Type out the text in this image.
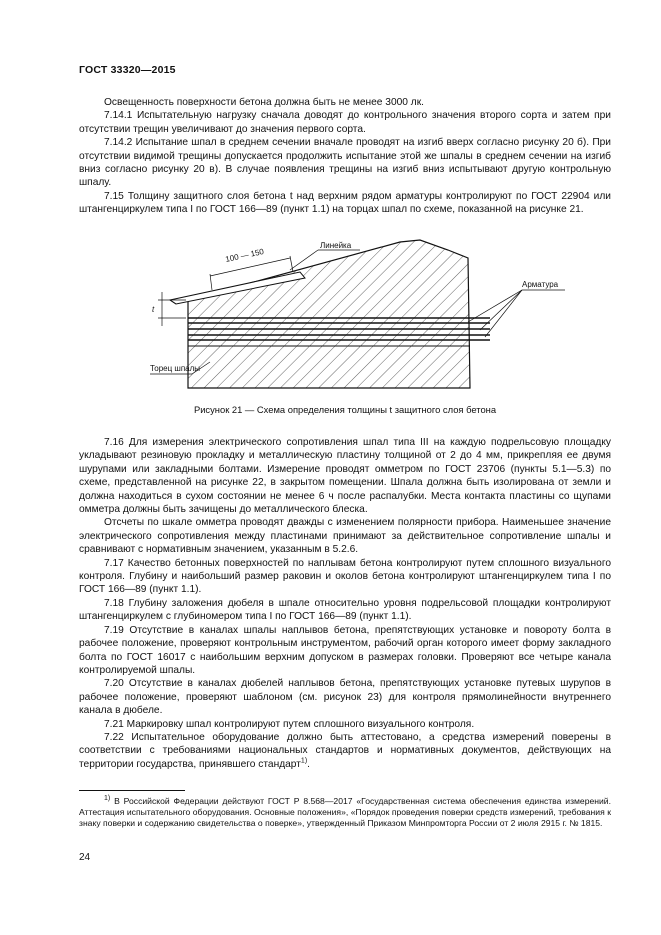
ГОСТ 33320—2015

Освещенность поверхности бетона должна быть не менее 3000 лк.

7.14.1 Испытательную нагрузку сначала доводят до контрольного значения второго сорта и затем при отсутствии трещин увеличивают до значения первого сорта.

7.14.2 Испытание шпал в среднем сечении вначале проводят на изгиб вверх согласно рисунку 20 б). При отсутствии видимой трещины допускается продолжить испытание этой же шпалы в среднем сечении на изгиб вниз согласно рисунку 20 в). В случае появления трещины на изгиб вниз испытывают другую контрольную шпалу.

7.15 Толщину защитного слоя бетона t над верхним рядом арматуры контролируют по ГОСТ 22904 или штангенциркулем типа I по ГОСТ 166—89 (пункт 1.1) на торцах шпал по схеме, показанной на рисунке 21.

100 — 150
Линейка
t
Арматура
Торец шпалы
Рисунок 21 — Схема определения толщины t защитного слоя бетона

7.16 Для измерения электрического сопротивления шпал типа III на каждую подрельсовую площадку укладывают резиновую прокладку и металлическую пластину толщиной от 2 до 4 мм, прикрепляя ее двумя шурупами или закладными болтами. Измерение проводят омметром по ГОСТ 23706 (пункты 5.1—5.3) по схеме, представленной на рисунке 22, в закрытом помещении. Шпала должна быть изолирована от земли и должна находиться в сухом состоянии не менее 6 ч после распалубки. Места контакта пластины со щупами омметра должны быть зачищены до металлического блеска.

Отсчеты по шкале омметра проводят дважды с изменением полярности прибора. Наименьшее значение электрического сопротивления между пластинами принимают за действительное сопротивление шпалы и сравнивают с нормативным значением, указанным в 5.2.6.

7.17 Качество бетонных поверхностей по наплывам бетона контролируют путем сплошного визуального контроля. Глубину и наибольший размер раковин и околов бетона контролируют штангенциркулем типа I по ГОСТ 166—89 (пункт 1.1).

7.18 Глубину заложения дюбеля в шпале относительно уровня подрельсовой площадки контролируют штангенциркулем с глубиномером типа I по ГОСТ 166—89 (пункт 1.1).

7.19 Отсутствие в каналах шпалы наплывов бетона, препятствующих установке и повороту болта в рабочее положение, проверяют контрольным инструментом, рабочий орган которого имеет форму закладного болта по ГОСТ 16017 с наибольшим верхним допуском в размерах головки. Проверяют все четыре канала контролируемой шпалы.

7.20 Отсутствие в каналах дюбелей наплывов бетона, препятствующих установке путевых шурупов в рабочее положение, проверяют шаблоном (см. рисунок 23) для контроля прямолинейности внутреннего канала в дюбеле.

7.21 Маркировку шпал контролируют путем сплошного визуального контроля.

7.22 Испытательное оборудование должно быть аттестовано, а средства измерений поверены в соответствии с требованиями национальных стандартов и нормативных документов, действующих на территории государства, принявшего стандарт$^{1)}$.

$^{1)}$ В Российской Федерации действуют ГОСТ Р 8.568—2017 «Государственная система обеспечения единства измерений. Аттестация испытательного оборудования. Основные положения», «Порядок проведения поверки средств измерений, требования к знаку поверки и содержанию свидетельства о поверке», утвержденный Приказом Минпромторга России от 2 июля 2915 г. № 1815.

24
